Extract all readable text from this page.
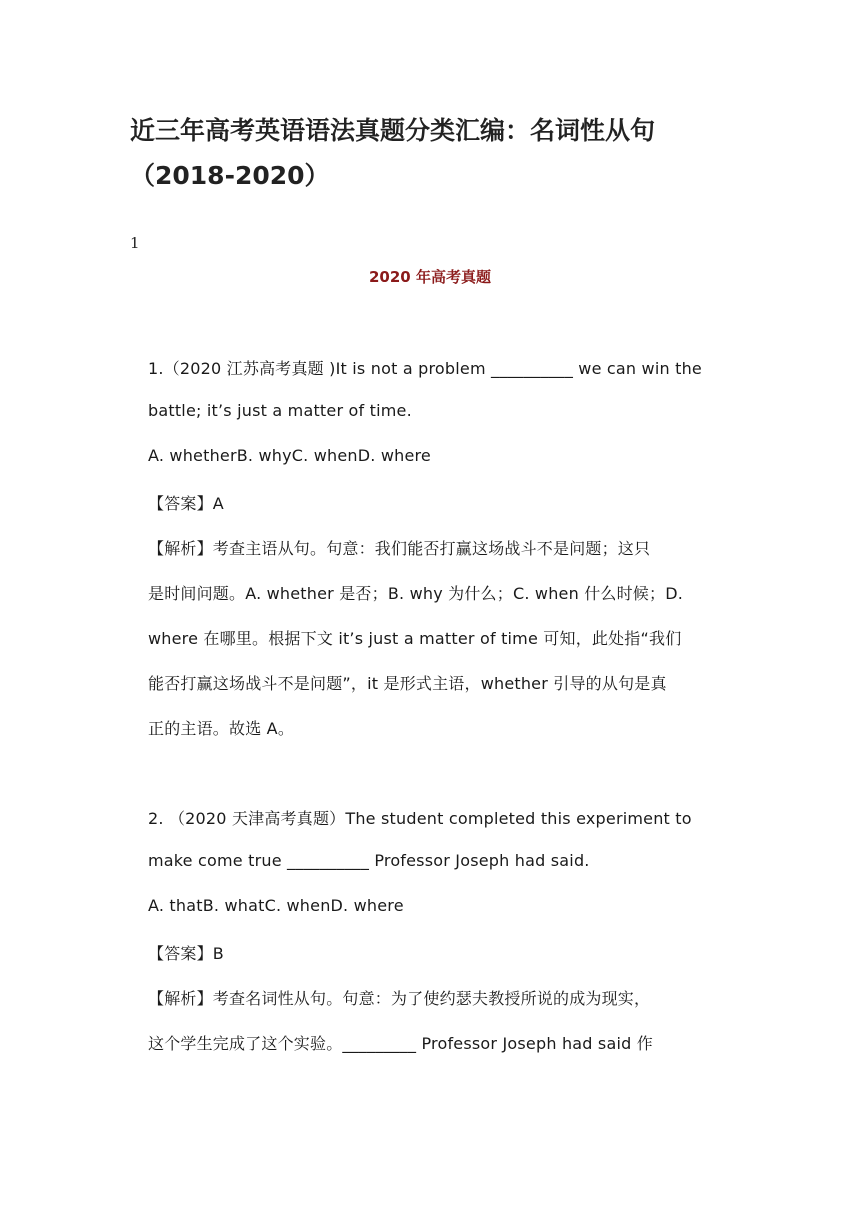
近三年高考英语语法真题分类汇编：名词性从句
（2018-2020）
1
2020 年高考真题
1.（2020 江苏高考真题 )It is not a problem __________ we can win the
battle; it’s just a matter of time.
A. whetherB. whyC. whenD. where
【答案】A
【解析】考查主语从句。句意：我们能否打赢这场战斗不是问题；这只
是时间问题。A. whether 是否；B. why 为什么；C. when 什么时候；D.
where 在哪里。根据下文 it’s just a matter of time 可知，此处指“我们
能否打赢这场战斗不是问题”，it 是形式主语，whether 引导的从句是真
正的主语。故选 A。
2. （2020 天津高考真题）The student completed this experiment to
make come true __________ Professor Joseph had said.
A. thatB. whatC. whenD. where
【答案】B
【解析】考查名词性从句。句意：为了使约瑟夫教授所说的成为现实，
这个学生完成了这个实验。_________ Professor Joseph had said 作
